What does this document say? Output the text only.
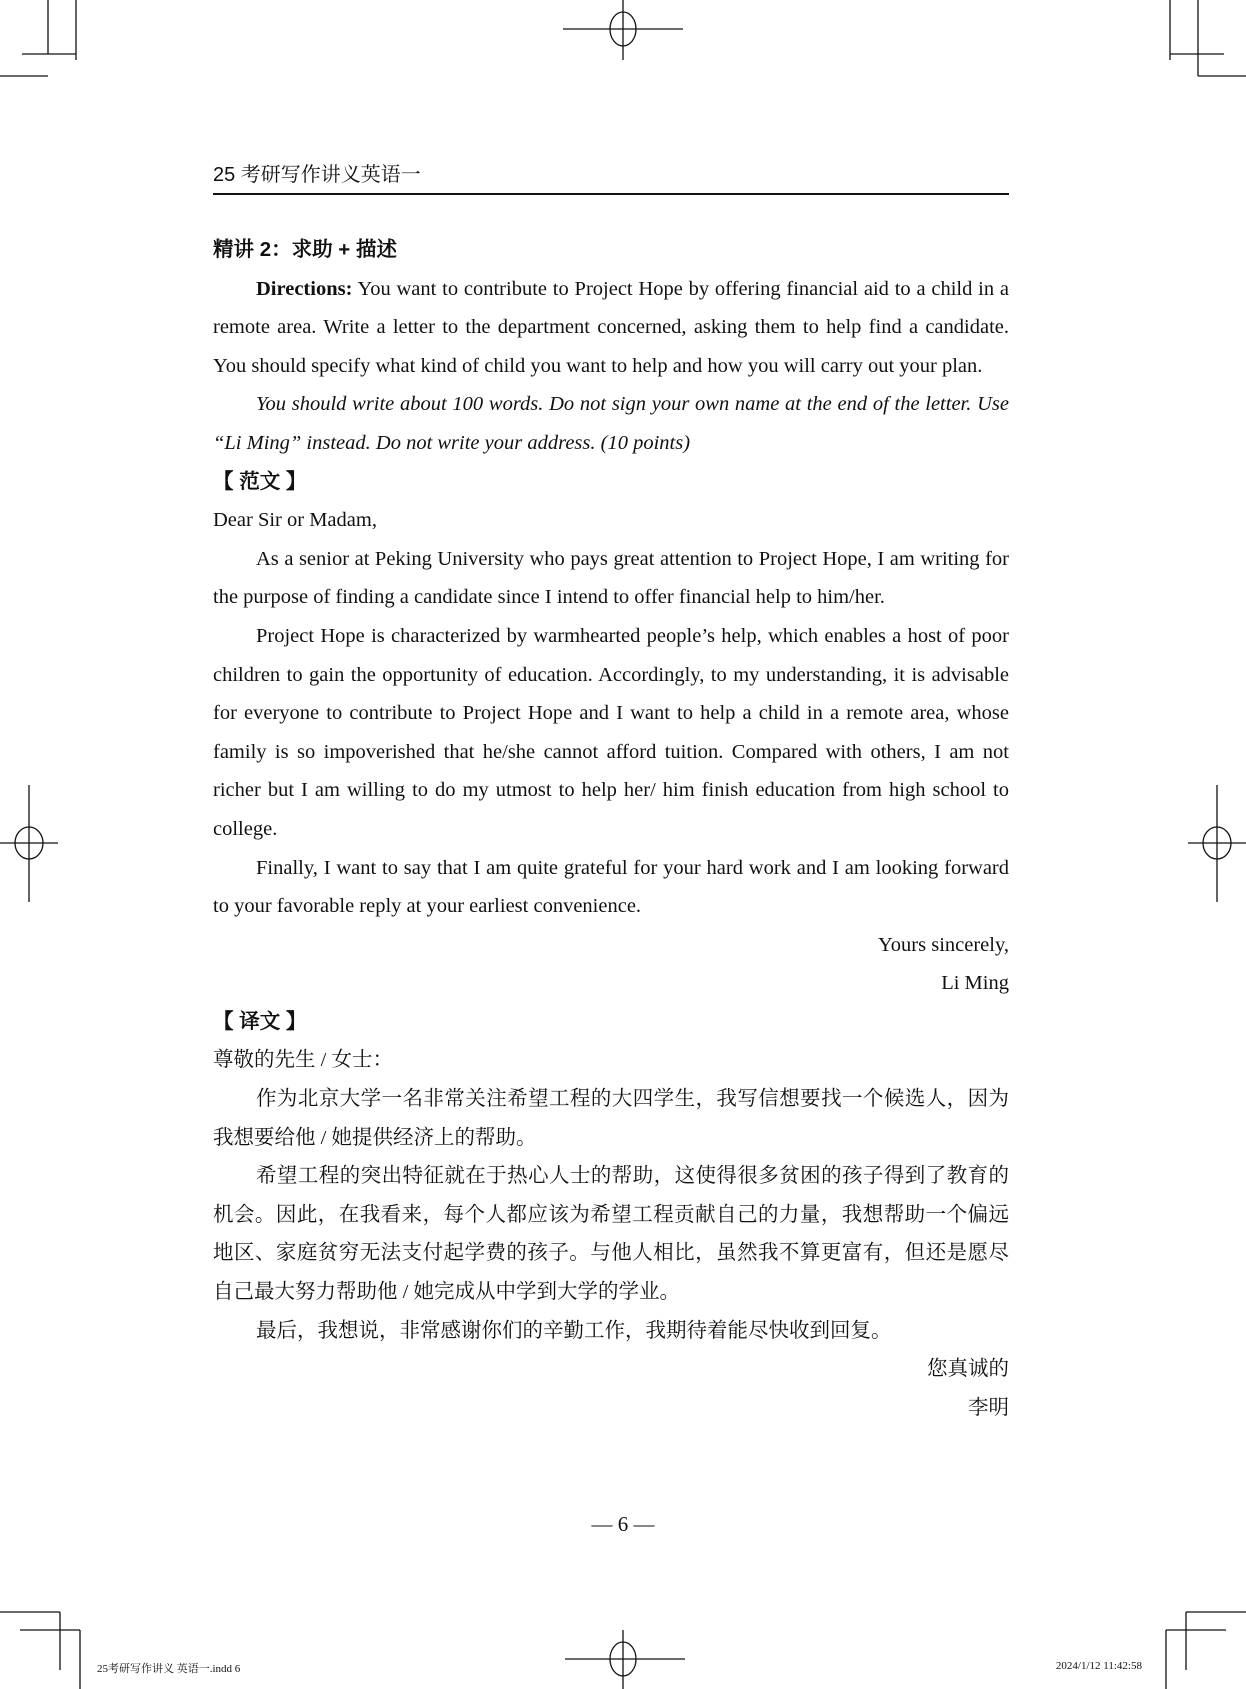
25 考研写作讲义英语一

精讲 2：求助 + 描述

Directions: You want to contribute to Project Hope by offering financial aid to a child in a remote area. Write a letter to the department concerned, asking them to help find a candidate. You should specify what kind of child you want to help and how you will carry out your plan.

You should write about 100 words. Do not sign your own name at the end of the letter. Use “Li Ming” instead. Do not write your address. (10 points)

【 范文 】

Dear Sir or Madam,

As a senior at Peking University who pays great attention to Project Hope, I am writing for the purpose of finding a candidate since I intend to offer financial help to him/her.

Project Hope is characterized by warmhearted people’s help, which enables a host of poor children to gain the opportunity of education. Accordingly, to my understanding, it is advisable for everyone to contribute to Project Hope and I want to help a child in a remote area, whose family is so impoverished that he/she cannot afford tuition. Compared with others, I am not richer but I am willing to do my utmost to help her/ him finish education from high school to college.

Finally, I want to say that I am quite grateful for your hard work and I am looking forward to your favorable reply at your earliest convenience.

Yours sincerely,

Li Ming

【 译文 】

尊敬的先生 / 女士：

作为北京大学一名非常关注希望工程的大四学生，我写信想要找一个候选人，因为我想要给他 / 她提供经济上的帮助。

希望工程的突出特征就在于热心人士的帮助，这使得很多贫困的孩子得到了教育的机会。因此，在我看来，每个人都应该为希望工程贡献自己的力量，我想帮助一个偏远地区、家庭贫穷无法支付起学费的孩子。与他人相比，虽然我不算更富有，但还是愿尽自己最大努力帮助他 / 她完成从中学到大学的学业。

最后，我想说，非常感谢你们的辛勤工作，我期待着能尽快收到回复。

您真诚的

李明

— 6 —
25考研写作讲义 英语一.indd 6	2024/1/12 11:42:58
